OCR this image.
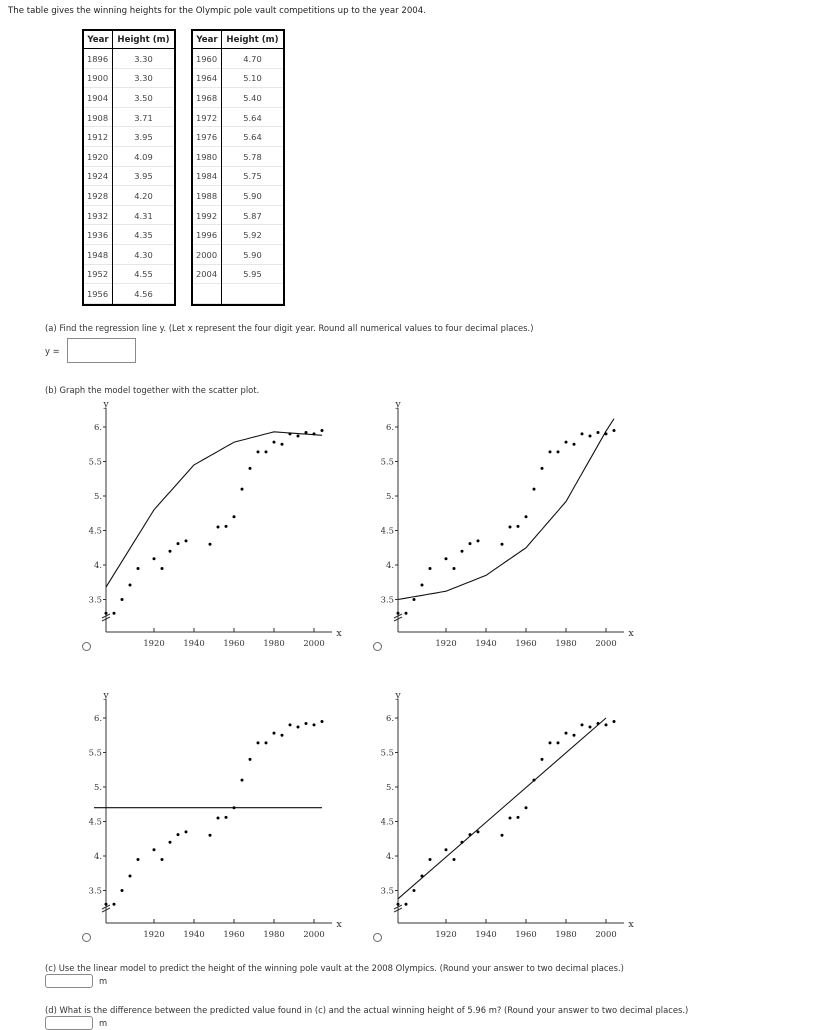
The table gives the winning heights for the Olympic pole vault competitions up to the year 2004.
Year	Height (m)
1896	3.30
1900	3.30
1904	3.50
1908	3.71
1912	3.95
1920	4.09
1924	3.95
1928	4.20
1932	4.31
1936	4.35
1948	4.30
1952	4.55
1956	4.56
Year	Height (m)
1960	4.70
1964	5.10
1968	5.40
1972	5.64
1976	5.64
1980	5.78
1984	5.75
1988	5.90
1992	5.87
1996	5.92
2000	5.90
2004	5.95

(a) Find the regression line y. (Let x represent the four digit year. Round all numerical values to four decimal places.)
y =
(b) Graph the model together with the scatter plot.
y
x
3.5
4.
4.5
5.
5.5
6.
1920 1940 1960 1980 2000
y
x
3.5
4.
4.5
5.
5.5
6.
1920 1940 1960 1980 2000
y
x
3.5
4.
4.5
5.
5.5
6.
1920 1940 1960 1980 2000
y
x
3.5
4.
4.5
5.
5.5
6.
1920 1940 1960 1980 2000
(c) Use the linear model to predict the height of the winning pole vault at the 2008 Olympics. (Round your answer to two decimal places.)
m
(d) What is the difference between the predicted value found in (c) and the actual winning height of 5.96 m? (Round your answer to two decimal places.)
m
